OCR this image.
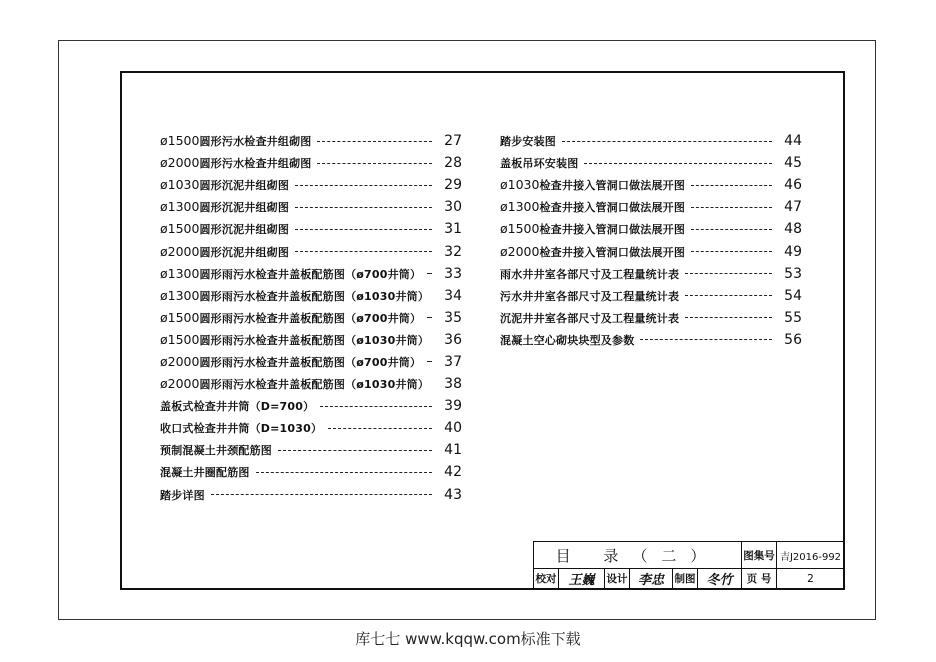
ø1500圆形污水检查井组砌图	27
ø2000圆形污水检查井组砌图	28
ø1030圆形沉泥井组砌图	29
ø1300圆形沉泥井组砌图	30
ø1500圆形沉泥井组砌图	31
ø2000圆形沉泥井组砌图	32
ø1300圆形雨污水检查井盖板配筋图（ø700井筒） 33
ø1300圆形雨污水检查井盖板配筋图（ø1030井筒） 34
ø1500圆形雨污水检查井盖板配筋图（ø700井筒） 35
ø1500圆形雨污水检查井盖板配筋图（ø1030井筒） 36
ø2000圆形雨污水检查井盖板配筋图（ø700井筒） 37
ø2000圆形雨污水检查井盖板配筋图（ø1030井筒） 38
盖板式检查井井筒（D=700）	39
收口式检查井井筒（D=1030）	40
预制混凝土井颈配筋图	41
混凝土井圈配筋图	42
踏步详图	43
踏步安装图	44
盖板吊环安装图	45
ø1030检查井接入管洞口做法展开图	46
ø1300检查井接入管洞口做法展开图	47
ø1500检查井接入管洞口做法展开图	48
ø2000检查井接入管洞口做法展开图	49
雨水井井室各部尺寸及工程量统计表	53
污水井井室各部尺寸及工程量统计表	54
沉泥井井室各部尺寸及工程量统计表	55
混凝土空心砌块块型及参数	56
目 录（二）	图集号 吉J2016-992
校对 王巍	设计 李忠	制图 冬竹	页 号	2
库七七 www.kqqw.com标准下载
